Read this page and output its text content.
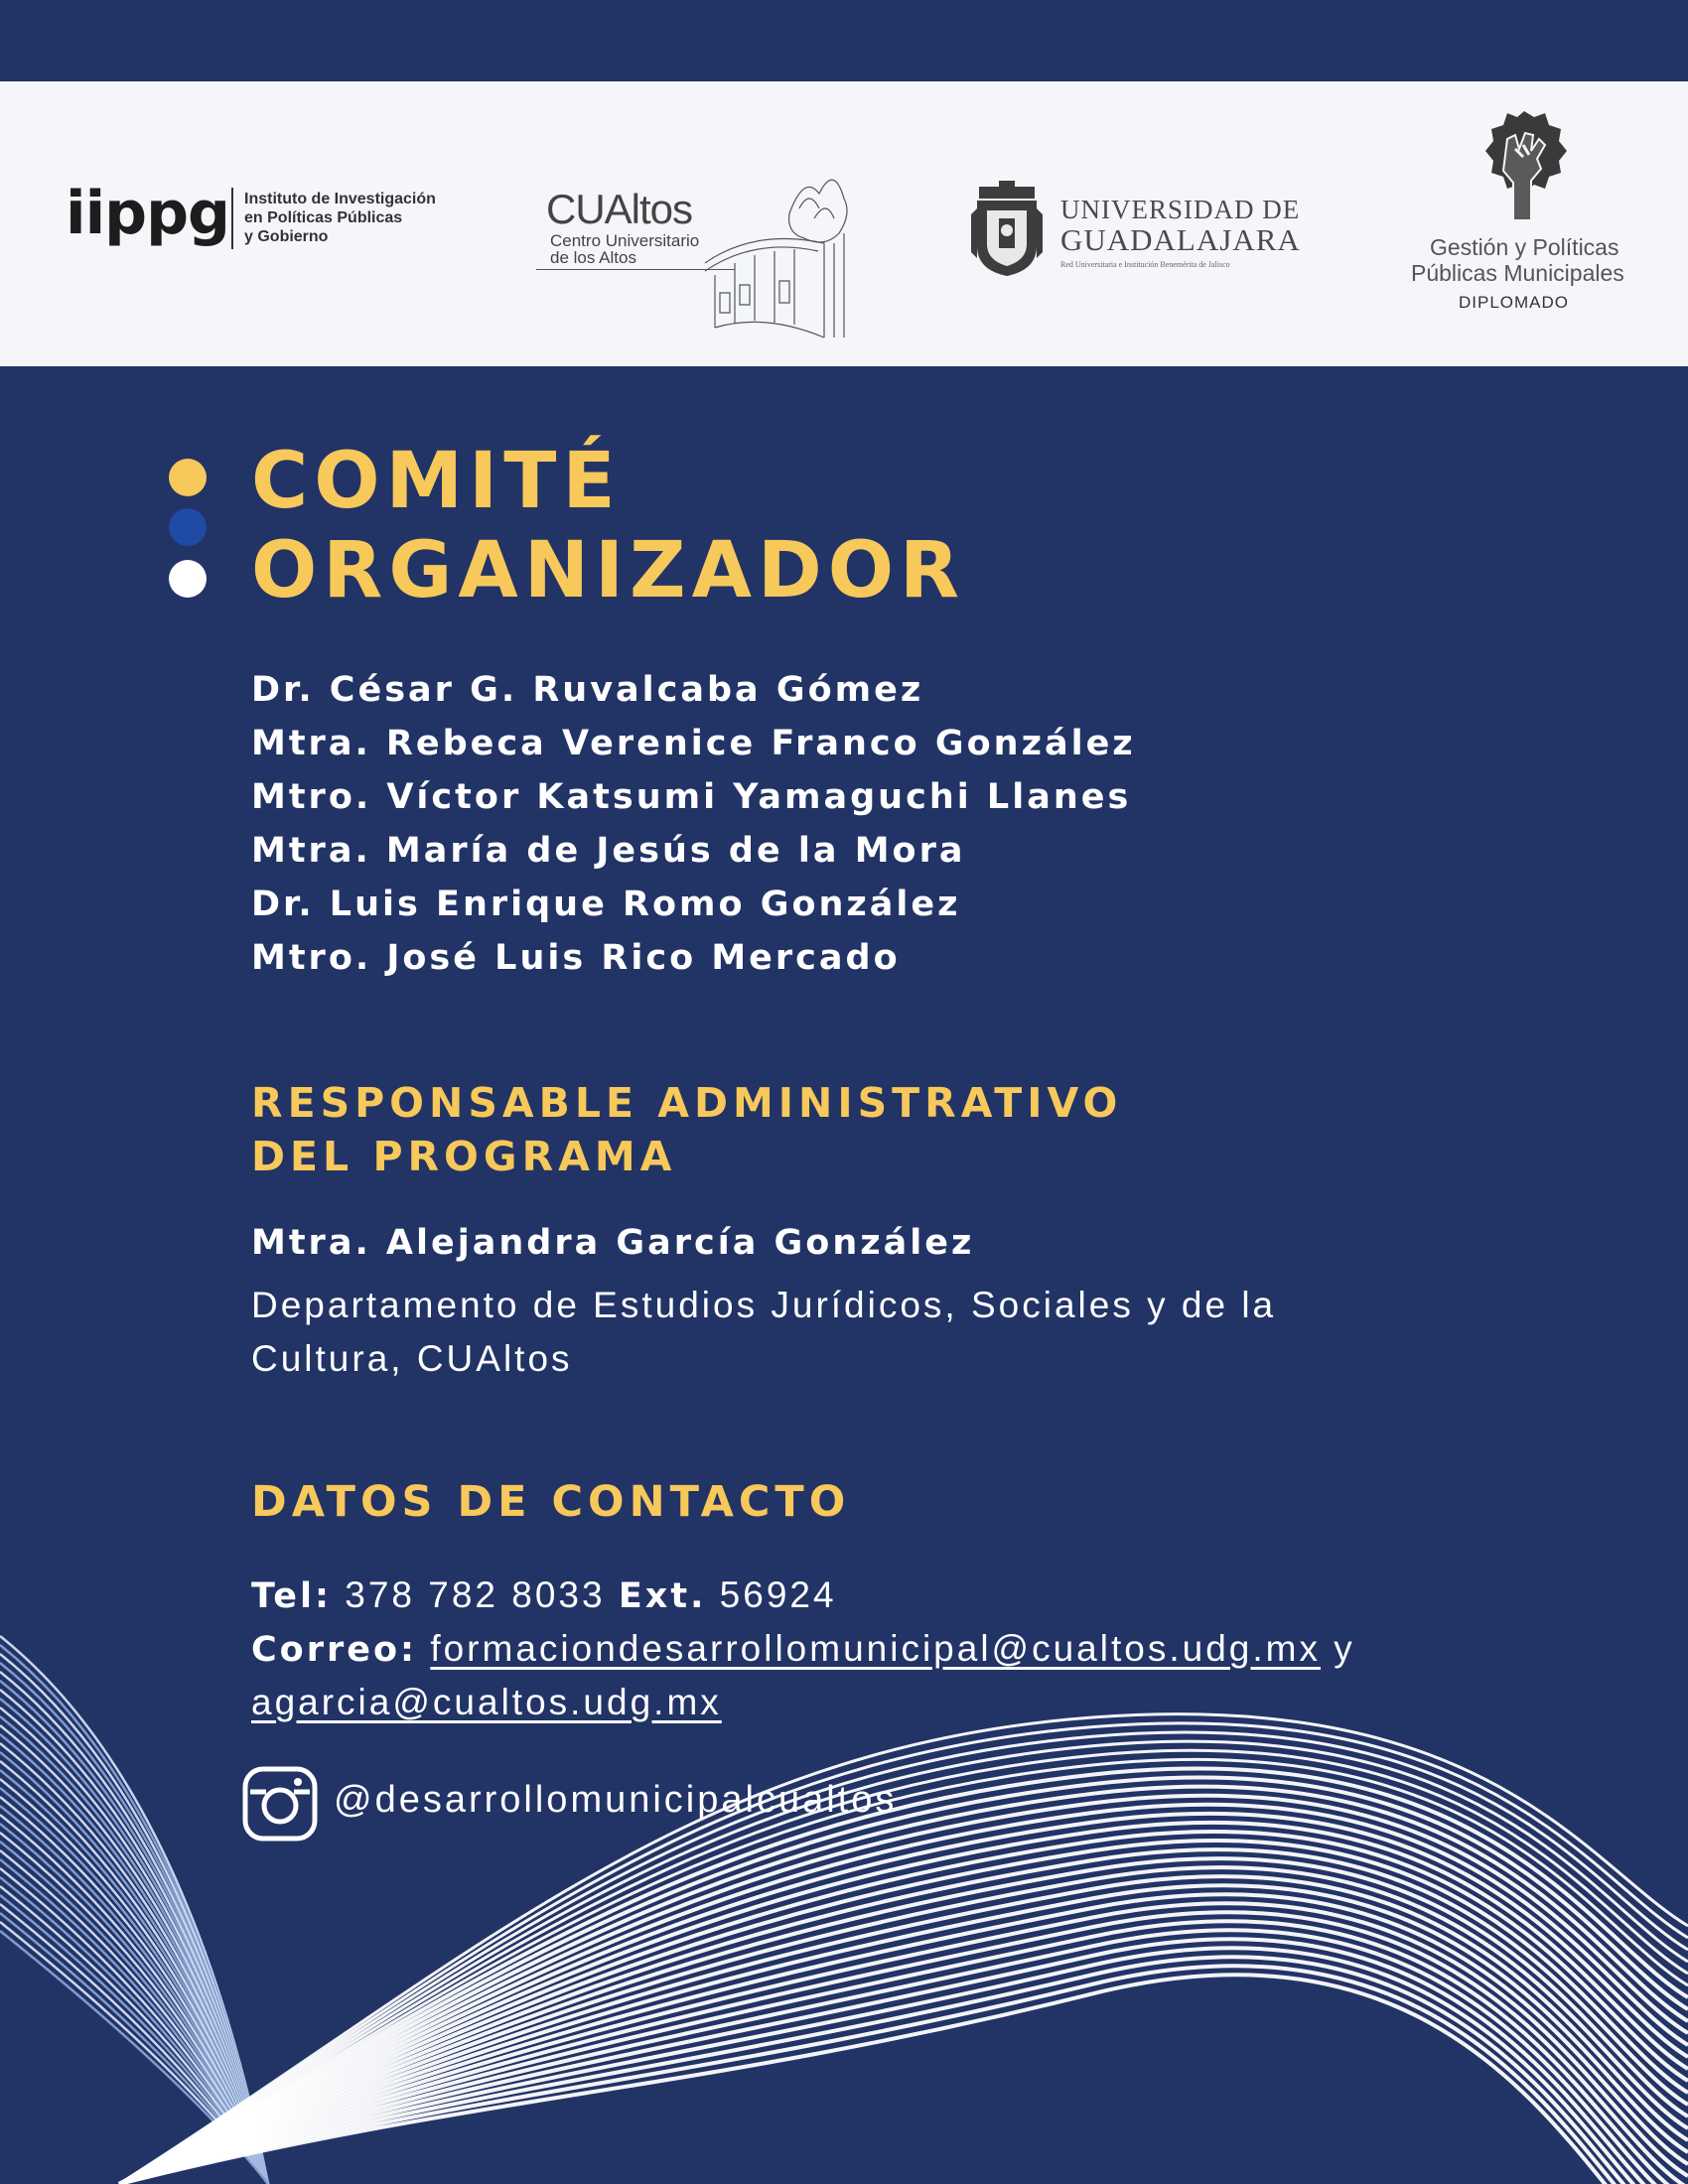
iippg Instituto de Investigación
en Políticas Públicas
y Gobierno
CUAltos
Centro Universitario
de los Altos
UNIVERSIDAD DE
GUADALAJARA
Red Universitaria e Institución Benemérita de Jalisco
Gestión y Políticas
Públicas Municipales
DIPLOMADO
COMITÉ
ORGANIZADOR
Dr. César G. Ruvalcaba Gómez
Mtra. Rebeca Verenice Franco González
Mtro. Víctor Katsumi Yamaguchi Llanes
Mtra. María de Jesús de la Mora
Dr. Luis Enrique Romo González
Mtro. José Luis Rico Mercado
RESPONSABLE ADMINISTRATIVO
DEL PROGRAMA
Mtra. Alejandra García González
Departamento de Estudios Jurídicos, Sociales y de la
Cultura, CUAltos
DATOS DE CONTACTO
Tel: 378 782 8033 Ext. 56924
Correo: formaciondesarrollomunicipal@cualtos.udg.mx y
agarcia@cualtos.udg.mx
@desarrollomunicipalcualtos
